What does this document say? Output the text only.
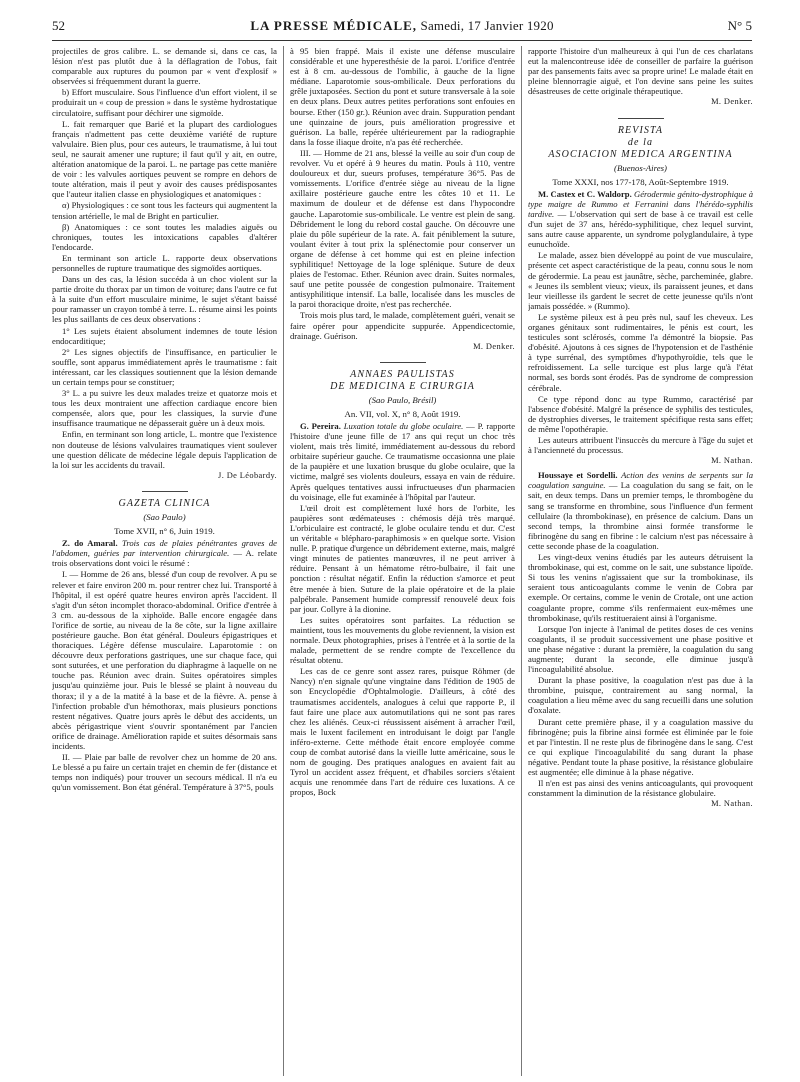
52	LA PRESSE MÉDICALE, Samedi, 17 Janvier 1920	N° 5

projectiles de gros calibre. L. se demande si, dans ce cas, la lésion n'est pas plutôt due à la déflagration de l'obus, fait comparable aux ruptures du poumon par « vent d'explosif » observées si fréquemment durant la guerre.

b) Effort musculaire. Sous l'influence d'un effort violent, il se produirait un « coup de pression » dans le système hydrostatique circulatoire, suffisant pour déchirer une sigmoïde.

L. fait remarquer que Barié et la plupart des cardiologues français n'admettent pas cette deuxième variété de rupture valvulaire. Bien plus, pour ces auteurs, le traumatisme, à lui tout seul, ne saurait amener une rupture; il faut qu'il y ait, en outre, altération anatomique de la paroi. L. ne partage pas cette manière de voir : les valvules aortiques peuvent se rompre en dehors de toute altération, mais il peut y avoir des causes prédisposantes que l'auteur italien classe en physiologiques et anatomiques :

α) Physiologiques : ce sont tous les facteurs qui augmentent la tension artérielle, le mal de Bright en particulier.

β) Anatomiques : ce sont toutes les maladies aiguës ou chroniques, toutes les intoxications capables d'altérer l'endocarde.

En terminant son article L. rapporte deux observations personnelles de rupture traumatique des sigmoïdes aortiques.

Dans un des cas, la lésion succéda à un choc violent sur la partie droite du thorax par un timon de voiture; dans l'autre ce fut à la suite d'un effort musculaire minime, le sujet s'étant baissé pour ramasser un crayon tombé à terre. L. résume ainsi les points les plus saillants de ces deux observations :

1° Les sujets étaient absolument indemnes de toute lésion endocarditique;

2° Les signes objectifs de l'insuffisance, en particulier le souffle, sont apparus immédiatement après le traumatisme : fait intéressant, car les classiques soutiennent que la lésion demande un certain temps pour se constituer;

3° L. a pu suivre les deux malades treize et quatorze mois et tous les deux montraient une affection cardiaque encore bien compensée, alors que, pour les classiques, la survie d'une insuffisance traumatique ne dépasserait guère un à deux mois.

Enfin, en terminant son long article, L. montre que l'existence non douteuse de lésions valvulaires traumatiques vient soulever une question délicate de médecine légale depuis l'application de la loi sur les accidents du travail.

J. De Léobardy.
GAZETA CLINICA
(Sao Paulo)
Tome XVII, n° 6, Juin 1919.

Z. do Amaral. Trois cas de plaies pénétrantes graves de l'abdomen, guéries par intervention chirurgicale. — A. relate trois observations dont voici le résumé :

I. — Homme de 26 ans, blessé d'un coup de revolver. A pu se relever et faire environ 200 m. pour rentrer chez lui. Transporté à l'hôpital, il est opéré quatre heures environ après l'accident. Il s'agit d'un séton incomplet thoraco-abdominal. Orifice d'entrée à 3 cm. au-dessous de la xiphoïde. Balle encore engagée dans l'orifice de sortie, au niveau de la 8e côte, sur la ligne axillaire postérieure gauche. Bon état général. Douleurs épigastriques et thoraciques. Légère défense musculaire. Laparotomie : on découvre deux perforations gastriques, une sur chaque face, qui sont suturées, et une perforation du diaphragme à laquelle on ne touche pas. Réunion avec drain. Suites opératoires simples jusqu'au quinzième jour. Puis le blessé se plaint à nouveau du thorax; il y a de la matité à la base et de la fièvre. A. pense à l'infection probable d'un hémothorax, mais plusieurs ponctions restent négatives. Quatre jours après le début des accidents, un abcès périgastrique vient s'ouvrir spontanément par l'ancien orifice de drainage. Amélioration rapide et suites désormais sans incidents.

II. — Plaie par balle de revolver chez un homme de 20 ans. Le blessé a pu faire un certain trajet en chemin de fer (distance et temps non indiqués) pour trouver un secours médical. Il n'a eu qu'un vomissement. Bon état général. Température à 37°5, pouls

à 95 bien frappé. Mais il existe une défense musculaire considérable et une hyperesthésie de la paroi. L'orifice d'entrée est à 8 cm. au-dessous de l'ombilic, à gauche de la ligne médiane. Laparotomie sous-ombilicale. Deux perforations du grêle juxtaposées. Section du pont et suture transversale à la soie en deux plans. Deux autres petites perforations sont enfouies en bourse. Ether (150 gr.). Réunion avec drain. Suppuration pendant une quinzaine de jours, puis amélioration progressive et guérison. La balle, repérée ultérieurement par la radiographie dans la fosse iliaque droite, n'a pas été recherchée.

III. — Homme de 21 ans, blessé la veille au soir d'un coup de revolver. Vu et opéré à 9 heures du matin. Pouls à 110, ventre douloureux et dur, sueurs profuses, température 36°5. Pas de vomissements. L'orifice d'entrée siège au niveau de la ligne axillaire postérieure gauche entre les côtes 10 et 11. Le maximum de douleur et de défense est dans l'hypocondre gauche. Laparotomie sus-ombilicale. Le ventre est plein de sang. Débridement le long du rebord costal gauche. On découvre une plaie du pôle supérieur de la rate. A. fait péniblement la suture, voulant éviter à tout prix la splénectomie pour conserver un organe de défense à cet homme qui est en pleine infection syphilitique! Nettoyage de la loge splénique. Suture de deux plaies de l'estomac. Ether. Réunion avec drain. Suites normales, sauf une petite poussée de congestion pulmonaire. Traitement antisyphilitique intensif. La balle, localisée dans les muscles de la paroi thoracique droite, n'est pas recherchée.

Trois mois plus tard, le malade, complètement guéri, venait se faire opérer pour appendicite suppurée. Appendicectomie, drainage. Guérison.

M. Denker.
ANNAES PAULISTAS
DE MEDICINA E CIRURGIA
(Sao Paulo, Brésil)
An. VII, vol. X, n° 8, Août 1919.

G. Pereira. Luxation totale du globe oculaire. — P. rapporte l'histoire d'une jeune fille de 17 ans qui reçut un choc très violent, mais très limité, immédiatement au-dessous du rebord orbitaire supérieur gauche. Ce traumatisme occasionna une plaie de la paupière et une luxation brusque du globe oculaire, que la victime, malgré ses violents douleurs, essaya en vain de réduire. Après quelques tentatives aussi infructueuses d'un pharmacien du voisinage, elle fut examinée à l'hôpital par l'auteur.

L'œil droit est complètement luxé hors de l'orbite, les paupières sont œdémateuses : chémosis déjà très marqué. L'orbiculaire est contracté, le globe oculaire tendu et dur. C'est un véritable « blépharo-paraphimosis » en quelque sorte. Vision nulle. P. pratique d'urgence un débridement externe, mais, malgré vingt minutes de patientes manœuvres, il ne peut arriver à réduire. Pensant à un hématome rétro-bulbaire, il fait une ponction : résultat négatif. Enfin la réduction s'amorce et peut être menée à bien. Suture de la plaie opératoire et de la plaie palpébrale. Pansement humide compressif renouvelé deux fois par jour. Collyre à la dionine.

Les suites opératoires sont parfaites. La réduction se maintient, tous les mouvements du globe reviennent, la vision est normale. Deux photographies, prises à l'entrée et à la sortie de la malade, permettent de se rendre compte de l'excellence du résultat obtenu.

Les cas de ce genre sont assez rares, puisque Röhmer (de Nancy) n'en signale qu'une vingtaine dans l'édition de 1905 de son Encyclopédie d'Ophtalmologie. D'ailleurs, à côté des traumatismes accidentels, analogues à celui que rapporte P., il faut faire une place aux automutilations qui ne sont pas rares chez les aliénés. Ceux-ci réussissent aisément à arracher l'œil, mais le luxent facilement en introduisant le doigt par l'angle inféro-externe. Cette méthode était encore employée comme coup de combat autorisé dans la vieille lutte américaine, sous le nom de gouging. Des pratiques analogues en avaient fait au Tyrol un accident assez fréquent, et d'habiles sorciers s'étaient acquis une renommée dans l'art de réduire ces luxations. A ce propos, Bock

rapporte l'histoire d'un malheureux à qui l'un de ces charlatans eut la malencontreuse idée de conseiller de parfaire la guérison par des pansements faits avec sa propre urine! Le malade était en pleine blennorragie aiguë, et l'on devine sans peine les suites désastreuses de cette originale thérapeutique.

M. Denker.
REVISTA
de la
ASOCIACION MEDICA ARGENTINA
(Buenos-Aires)
Tome XXXI, nos 177-178, Août-Septembre 1919.

M. Castex et C. Waldorp. Gérodermie génito-dystrophique à type maigre de Rummo et Ferranini dans l'hérédo-syphilis tardive. — L'observation qui sert de base à ce travail est celle d'un sujet de 37 ans, hérédo-syphilitique, chez lequel survint, sans autre cause apparente, un syndrome polyglandulaire, à type eunuchoïde.

Le malade, assez bien développé au point de vue musculaire, présente cet aspect caractéristique de la peau, connu sous le nom de gérodermie. La peau est jaunâtre, sèche, parcheminée, glabre. « Jeunes ils semblent vieux; vieux, ils paraissent jeunes, et dans leur vieillesse ils gardent le secret de cette jeunesse qu'ils n'ont jamais possédée. » (Rummo).

Le système pileux est à peu près nul, sauf les cheveux. Les organes génitaux sont rudimentaires, le pénis est court, les testicules sont sclérosés, comme l'a démontré la biopsie. Pas d'obésité. Ajoutons à ces signes de l'hypotension et de l'asthénie à type surrénal, des symptômes d'hypothyroïdie, tels que le refroidissement. La selle turcique est plus large qu'à l'état normal, ses bords sont érodés. Pas de syndrome de compression cérébrale.

Ce type répond donc au type Rummo, caractérisé par l'absence d'obésité. Malgré la présence de syphilis des testicules, de dystrophies diverses, le traitement spécifique resta sans effet; de même l'opothérapie.

Les auteurs attribuent l'insuccès du mercure à l'âge du sujet et à l'ancienneté du processus.

M. Nathan.

Houssaye et Sordelli. Action des venins de serpents sur la coagulation sanguine. — La coagulation du sang se fait, on le sait, en deux temps. Dans un premier temps, le thrombogène du sang se transforme en thrombine, sous l'influence d'un ferment cellulaire (la thrombokinase), en présence de calcium. Dans un second temps, la thrombine ainsi formée transforme le fibrinogène du sang en fibrine : le calcium n'est pas nécessaire à cette seconde phase de la coagulation.

Les vingt-deux venins étudiés par les auteurs détruisent la thrombokinase, qui est, comme on le sait, une substance lipoïde. Si tous les venins n'agissaient que sur la trombokinase, ils seraient tous anticoagulants comme le venin de Cobra par exemple. Or certains, comme le venin de Crotale, ont une action coagulante propre, comme s'ils renfermaient eux-mêmes une thrombokinase, qu'ils restitueraient ainsi à l'organisme.

Lorsque l'on injecte à l'animal de petites doses de ces venins coagulants, il se produit successivement une phase positive et une phase négative : durant la première, la coagulation du sang augmente; durant la seconde, elle diminue jusqu'à l'incoagulabilité absolue.

Durant la phase positive, la coagulation n'est pas due à la thrombine, puisque, contrairement au sang normal, la coagulation a lieu même avec du sang recueilli dans une solution d'oxalate.

Durant cette première phase, il y a coagulation massive du fibrinogène; puis la fibrine ainsi formée est éliminée par le foie et par l'intestin. Il ne reste plus de fibrinogène dans le sang. C'est ce qui explique l'incoagulabilité du sang durant la phase négative. Pendant toute la phase positive, la résistance globulaire est augmentée; elle diminue à la phase négative.

Il n'en est pas ainsi des venins anticoagulants, qui provoquent constamment la diminution de la résistance globulaire.

M. Nathan.
